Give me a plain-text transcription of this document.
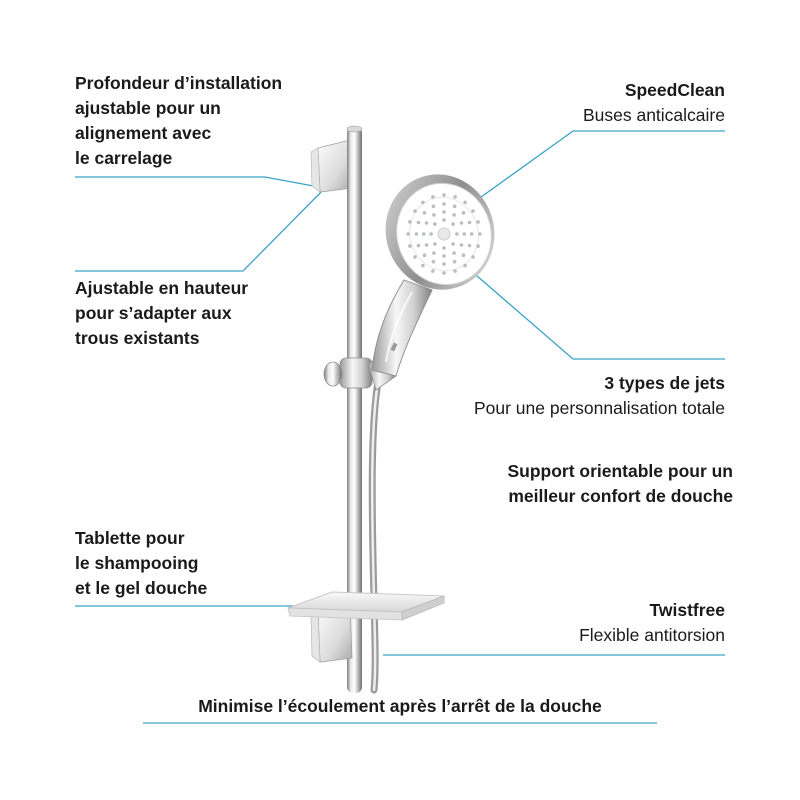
Profondeur d’installation
ajustable pour un
alignement avec
le carrelage
Ajustable en hauteur
pour s’adapter aux
trous existants
Tablette pour
le shampooing
et le gel douche
SpeedClean
Buses anticalcaire
3 types de jets
Pour une personnalisation totale
Support orientable pour un
meilleur confort de douche
Twistfree
Flexible antitorsion
Minimise l’écoulement après l’arrêt de la douche
